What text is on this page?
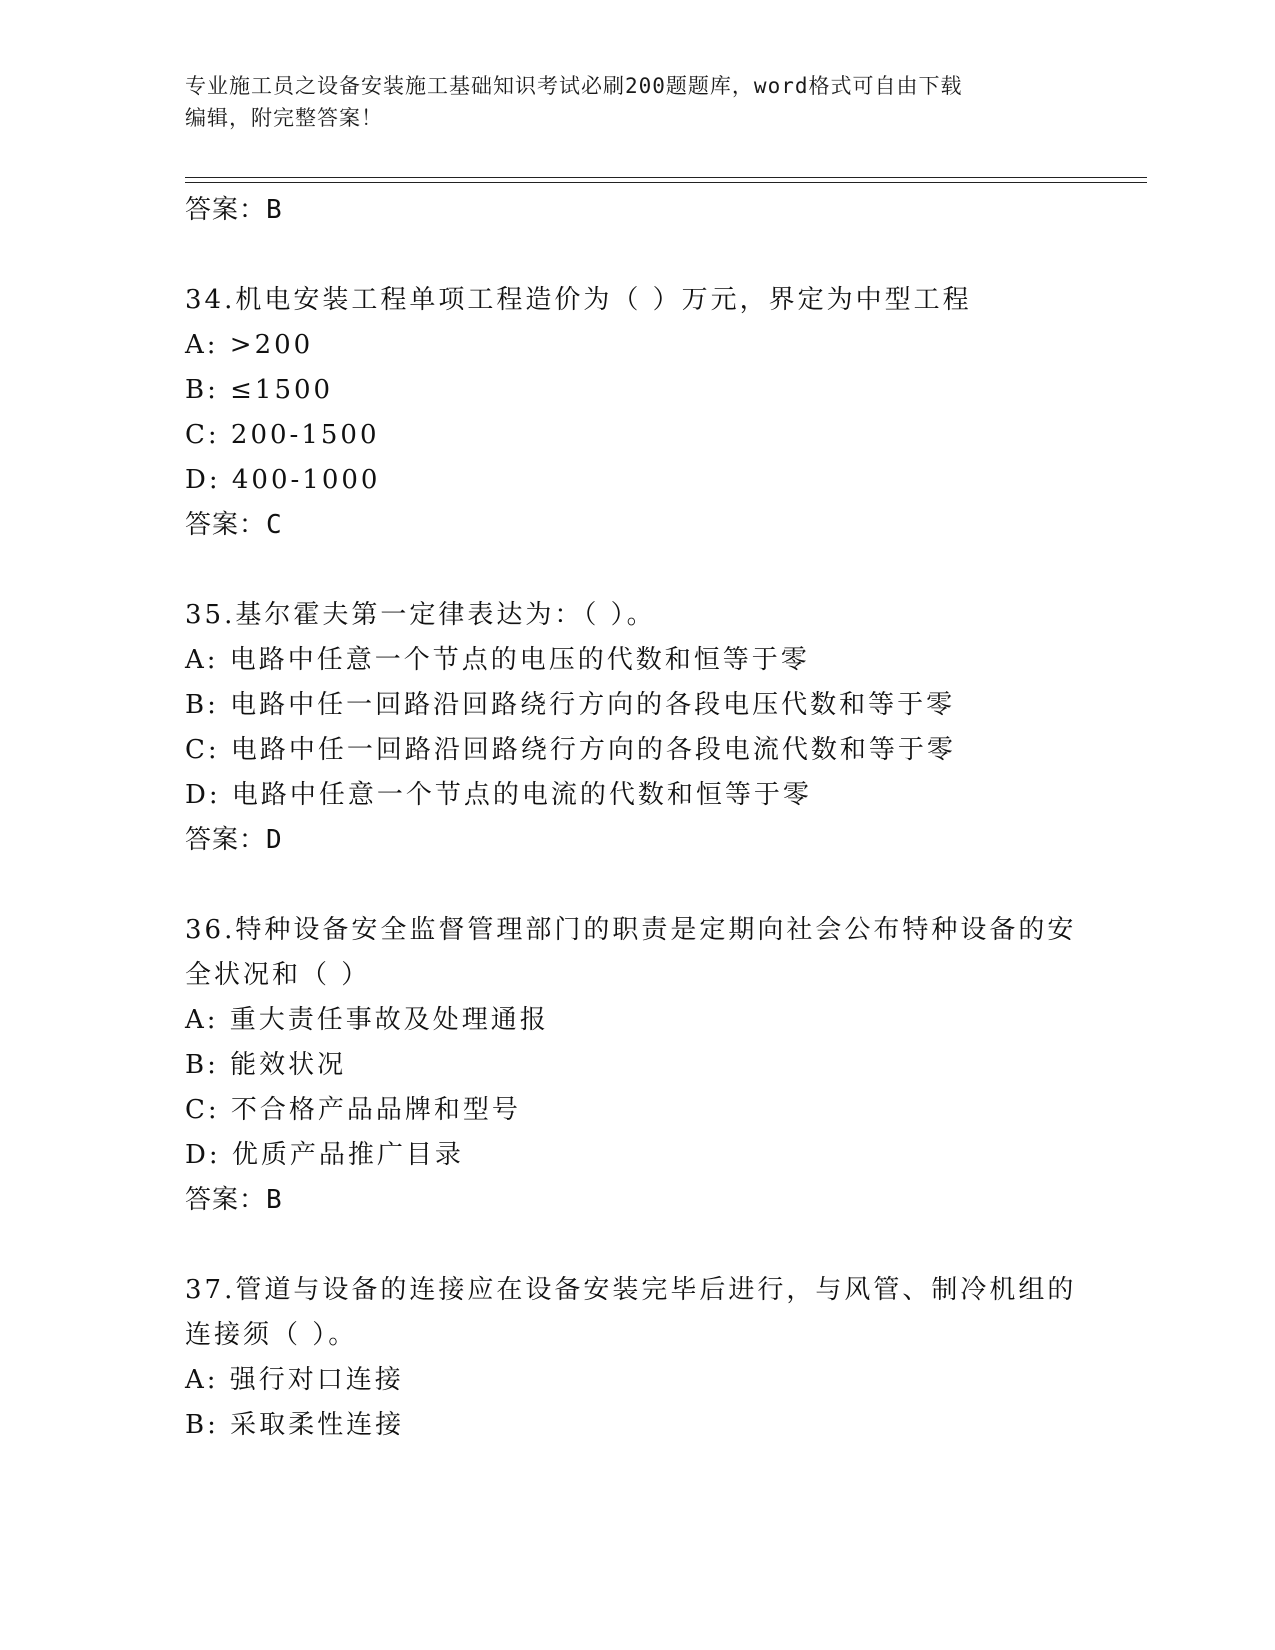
专业施工员之设备安装施工基础知识考试必刷200题题库，word格式可自由下载
编辑，附完整答案！
答案：B
34.机电安装工程单项工程造价为（ ）万元，界定为中型工程
A: >200
B: ≤1500
C: 200-1500
D: 400-1000
答案：C
35.基尔霍夫第一定律表达为：（ ）。
A: 电路中任意一个节点的电压的代数和恒等于零
B: 电路中任一回路沿回路绕行方向的各段电压代数和等于零
C: 电路中任一回路沿回路绕行方向的各段电流代数和等于零
D: 电路中任意一个节点的电流的代数和恒等于零
答案：D
36.特种设备安全监督管理部门的职责是定期向社会公布特种设备的安
全状况和（ ）
A: 重大责任事故及处理通报
B: 能效状况
C: 不合格产品品牌和型号
D: 优质产品推广目录
答案：B
37.管道与设备的连接应在设备安装完毕后进行，与风管、制冷机组的
连接须（ ）。
A: 强行对口连接
B: 采取柔性连接
